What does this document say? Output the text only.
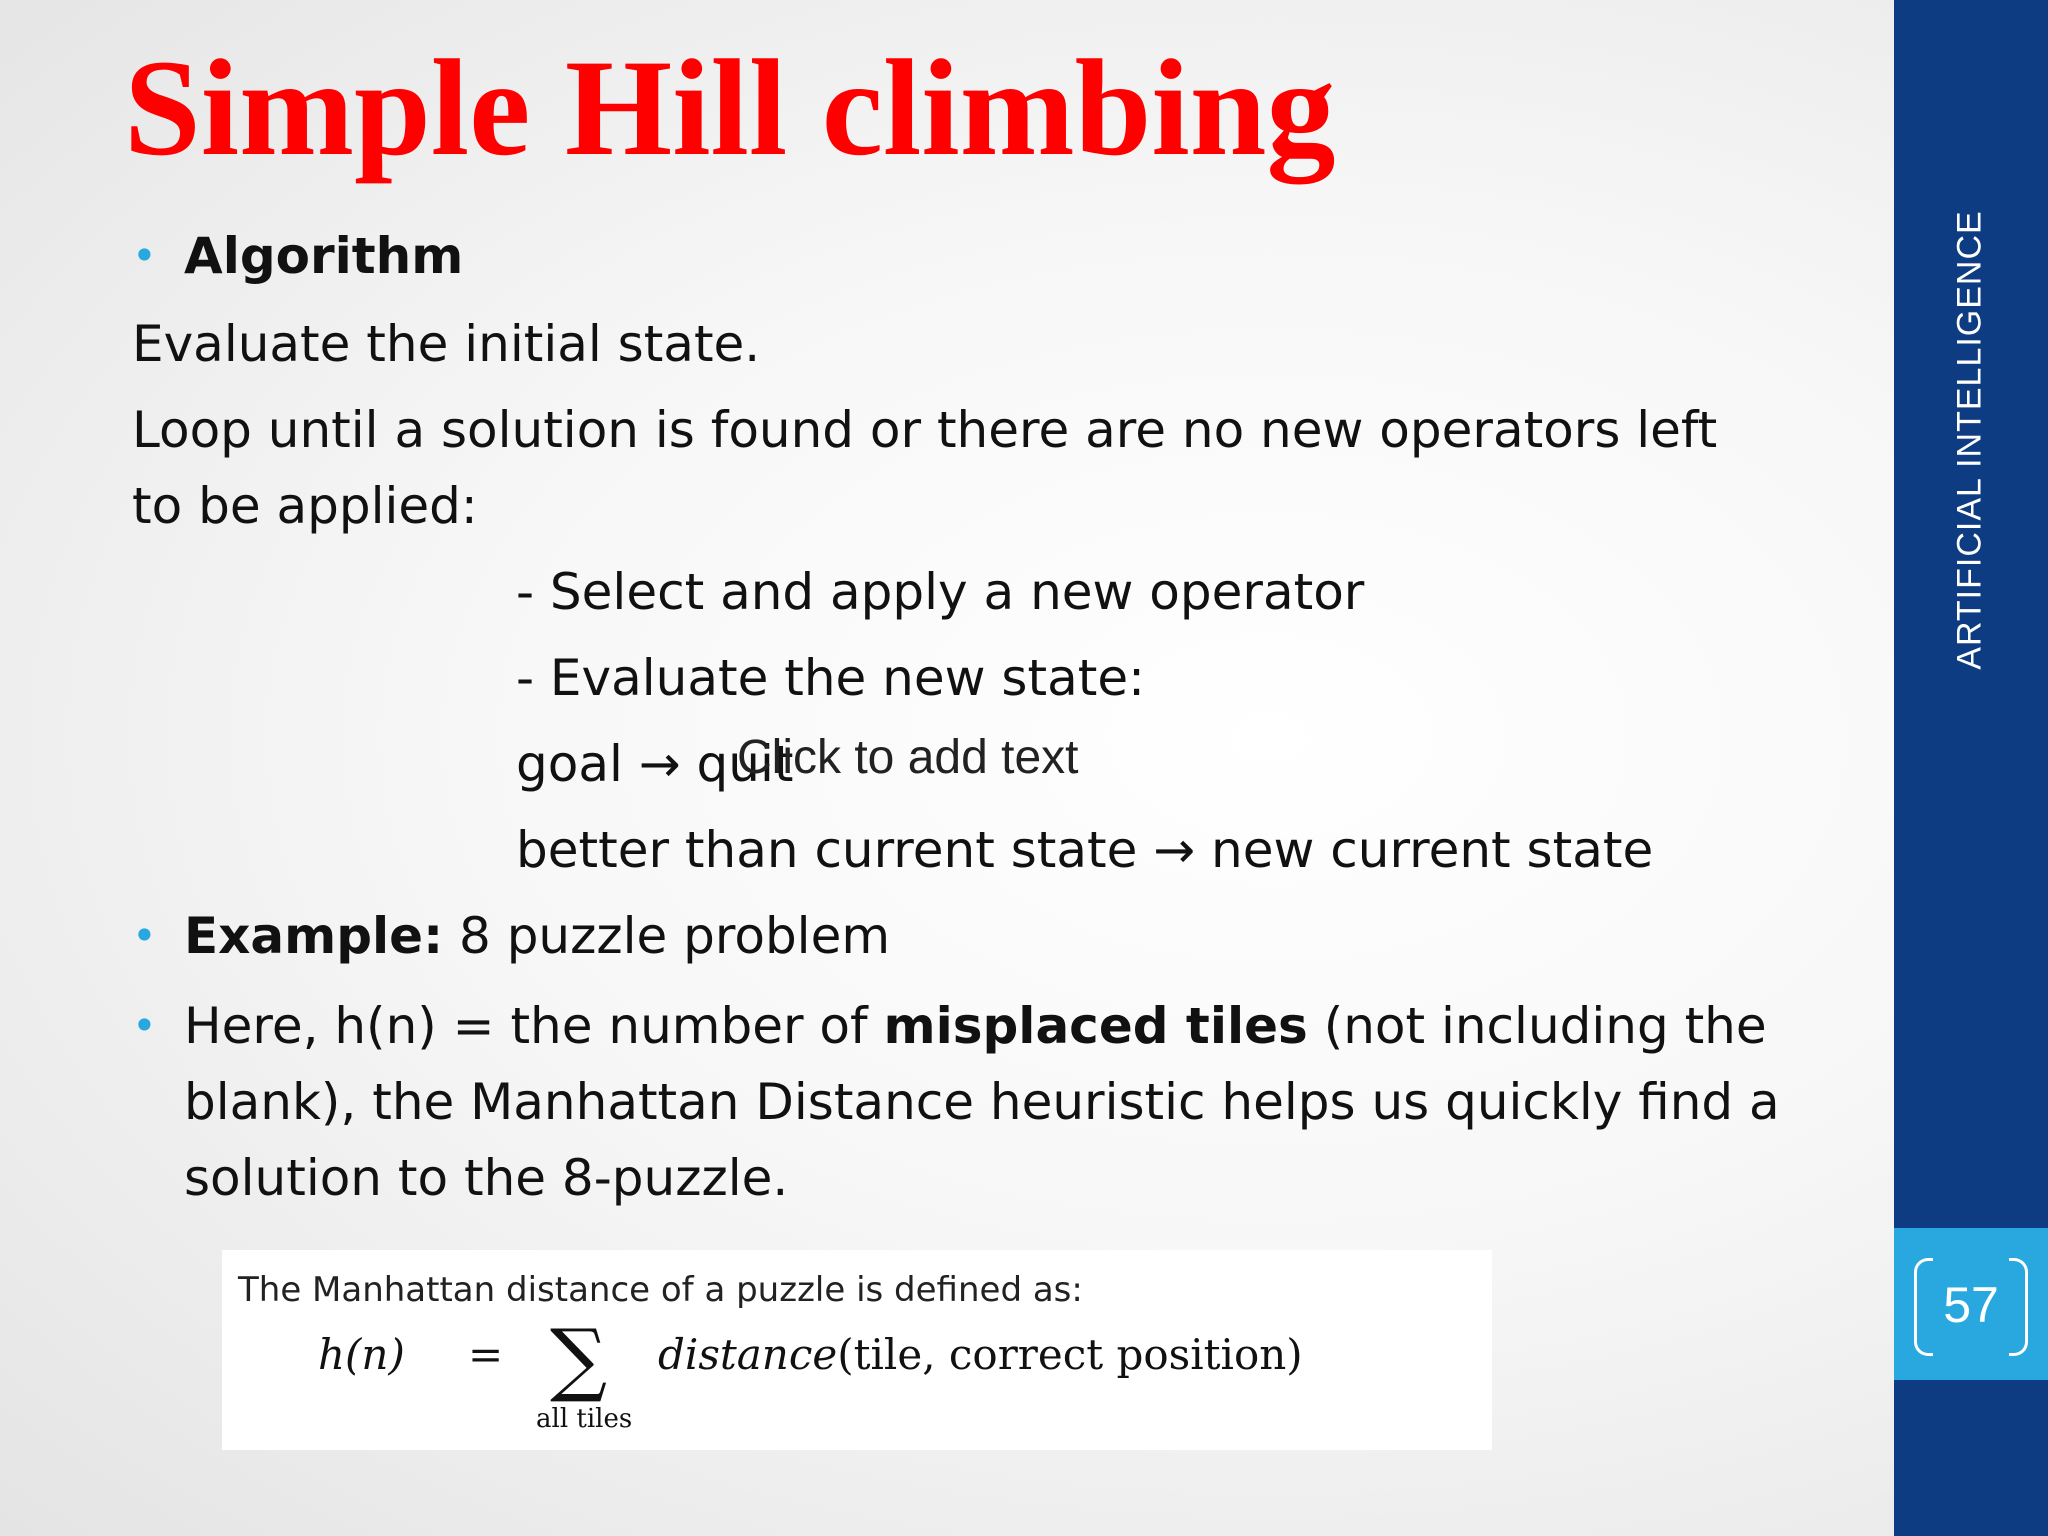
Simple Hill climbing
• Algorithm
Evaluate the initial state.
Loop until a solution is found or there are no new operators left
to be applied:
- Select and apply a new operator
- Evaluate the new state:
goal → quit
Click to add text
better than current state → new current state
• Example: 8 puzzle problem
• Here, h(n) = the number of misplaced tiles (not including the blank), the Manhattan Distance heuristic helps us quickly find a solution to the 8-puzzle.
The Manhattan distance of a puzzle is defined as:
h(n) = ∑
all tiles
distance(tile, correct position)
ARTIFICIAL INTELLIGENCE
57
